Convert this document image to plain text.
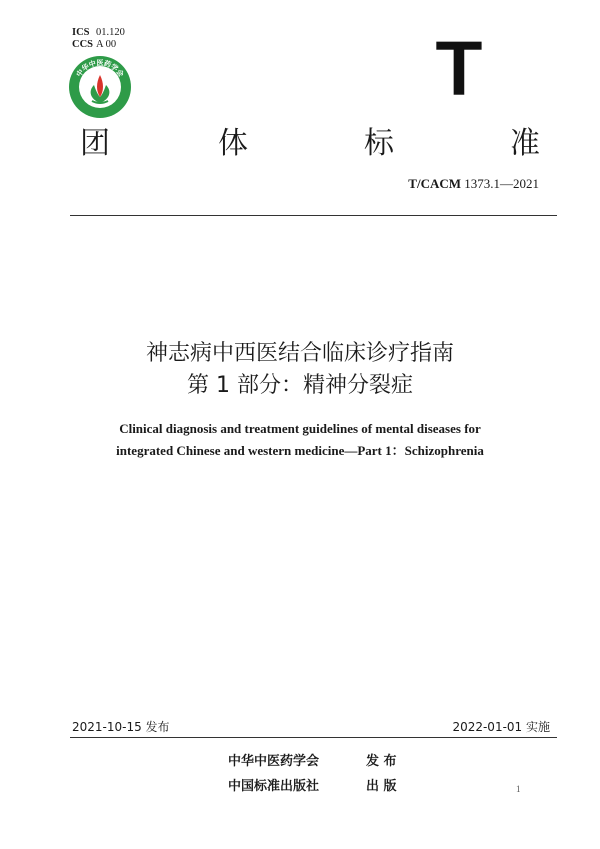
ICS 01.120
CCS A 00
中华中医药学会	T
团	体	标	准
T/CACM 1373.1—2021
神志病中西医结合临床诊疗指南
第 1 部分：精神分裂症
Clinical diagnosis and treatment guidelines of mental diseases for
integrated Chinese and western medicine—Part 1：Schizophrenia
2021-10-15 发布	2022-01-01 实施
中华中医药学会	发 布
中国标准出版社	出 版	1
